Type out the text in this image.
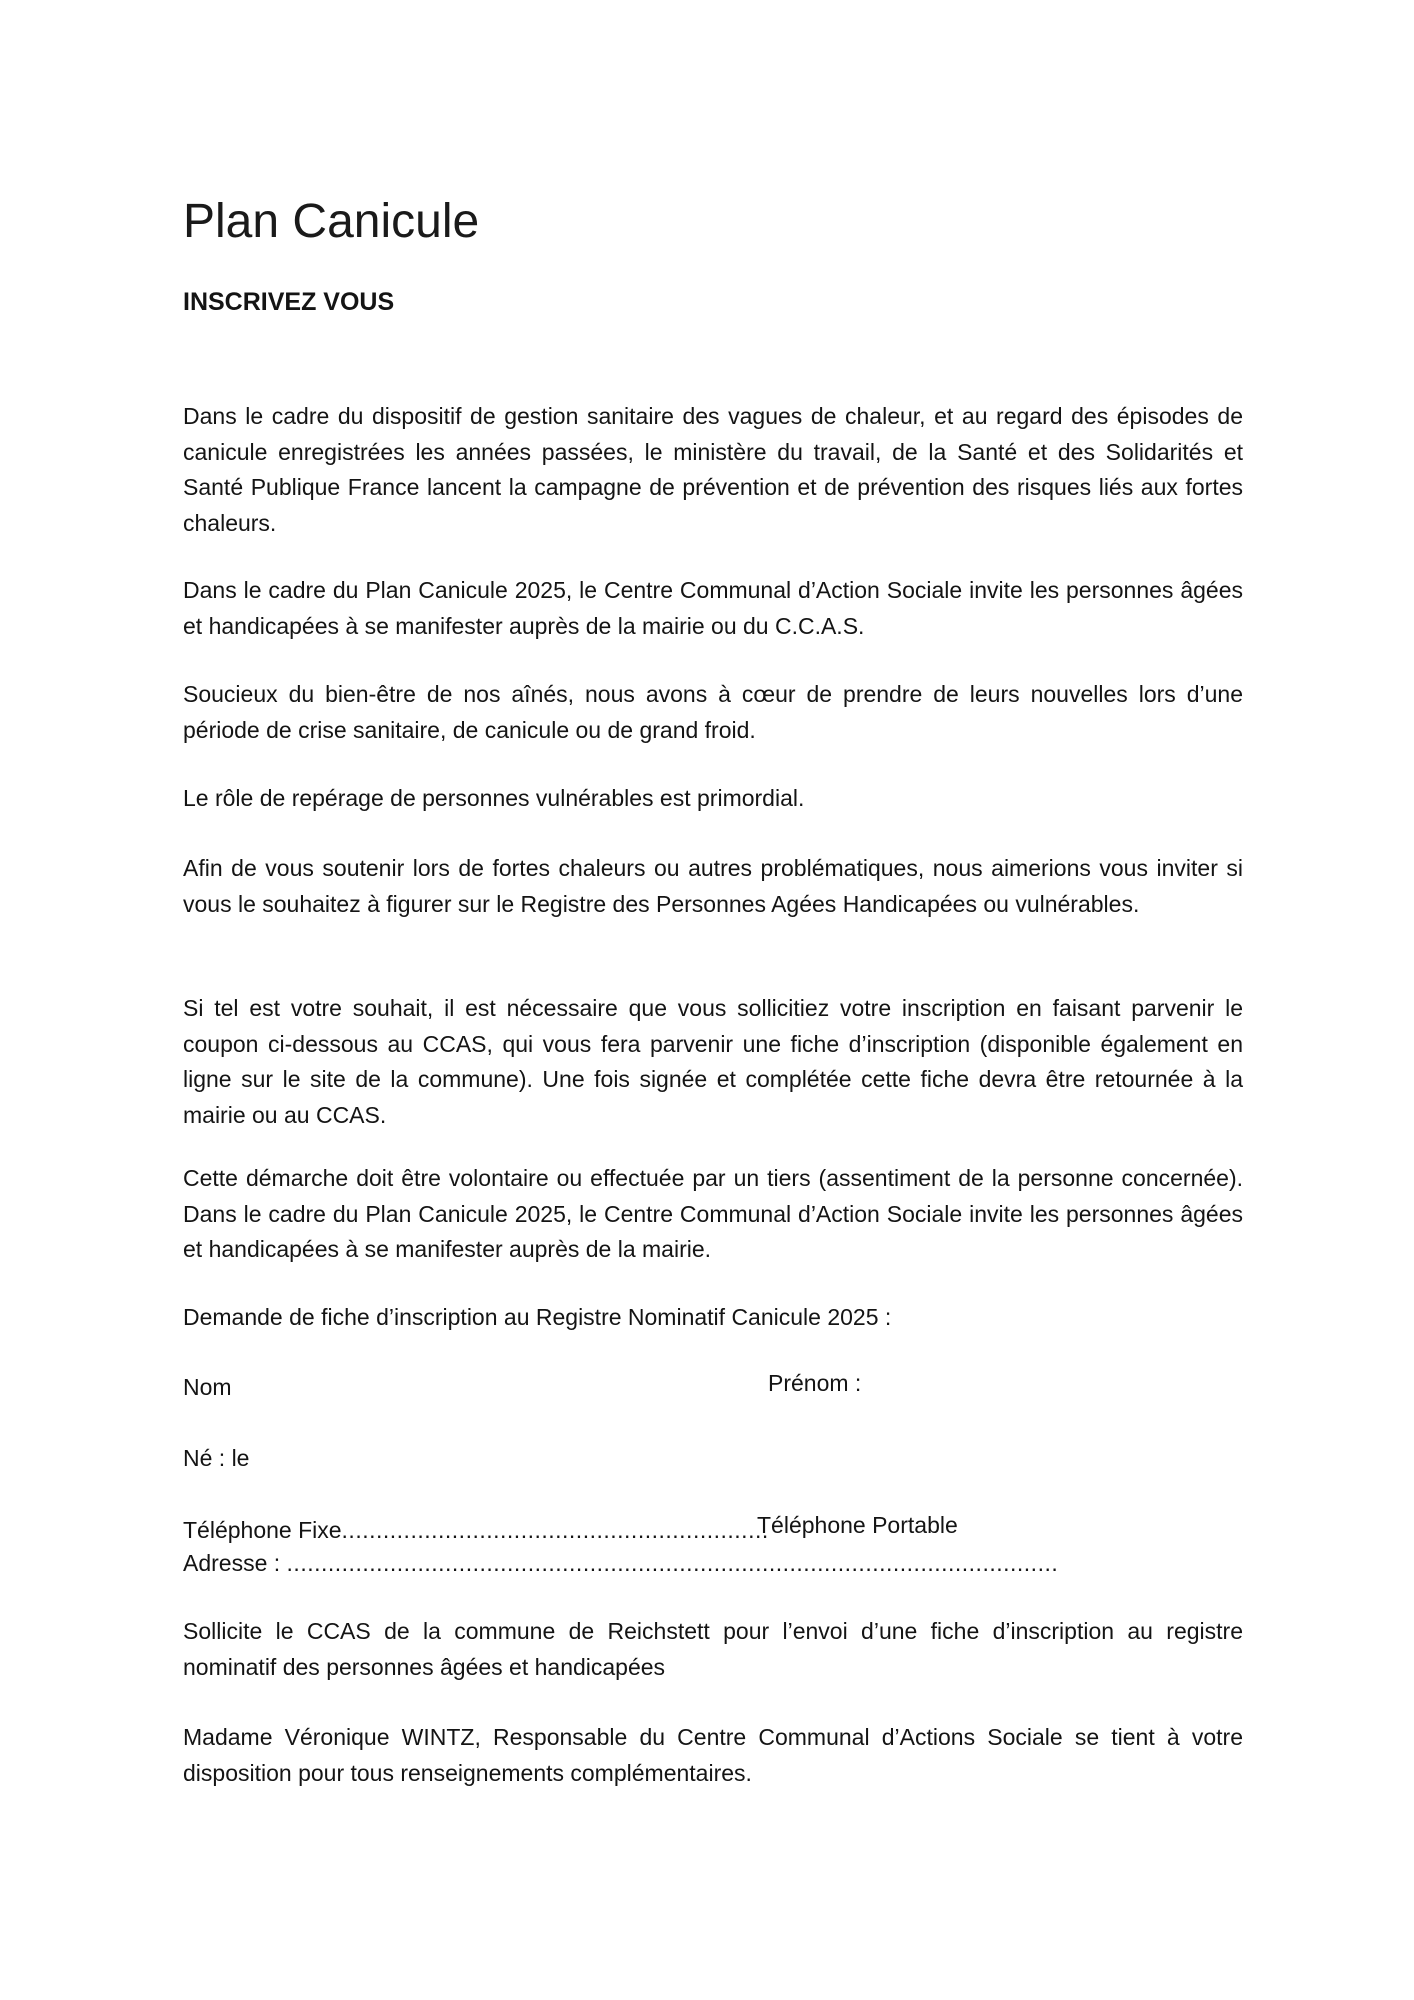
Plan Canicule
INSCRIVEZ VOUS

Dans le cadre du dispositif de gestion sanitaire des vagues de chaleur, et au regard des épisodes de canicule enregistrées les années passées, le ministère du travail, de la Santé et des Solidarités et Santé Publique France lancent la campagne de prévention et de prévention des risques liés aux fortes chaleurs.

Dans le cadre du Plan Canicule 2025, le Centre Communal d’Action Sociale invite les personnes âgées et handicapées à se manifester auprès de la mairie ou du C.C.A.S.

Soucieux du bien-être de nos aînés, nous avons à cœur de prendre de leurs nouvelles lors d’une période de crise sanitaire, de canicule ou de grand froid.

Le rôle de repérage de personnes vulnérables est primordial.

Afin de vous soutenir lors de fortes chaleurs ou autres problématiques, nous aimerions vous inviter si vous le souhaitez à figurer sur le Registre des Personnes Agées Handicapées ou vulnérables.

Si tel est votre souhait, il est nécessaire que vous sollicitiez votre inscription en faisant parvenir le coupon ci-dessous au CCAS, qui vous fera parvenir une fiche d’inscription (disponible également en ligne sur le site de la commune). Une fois signée et complétée cette fiche devra être retournée à la mairie ou au CCAS.

Cette démarche doit être volontaire ou effectuée par un tiers (assentiment de la personne concernée). Dans le cadre du Plan Canicule 2025, le Centre Communal d’Action Sociale invite les personnes âgées et handicapées à se manifester auprès de la mairie.

Demande de fiche d’inscription au Registre Nominatif Canicule 2025 :
Nom	Prénom :
Né : le
Téléphone Fixe..............................................................
Téléphone Portable
Adresse : ................................................................................................................

Sollicite le CCAS de la commune de Reichstett pour l’envoi d’une fiche d’inscription au registre nominatif des personnes âgées et handicapées

Madame Véronique WINTZ, Responsable du Centre Communal d’Actions Sociale se tient à votre disposition pour tous renseignements complémentaires.
